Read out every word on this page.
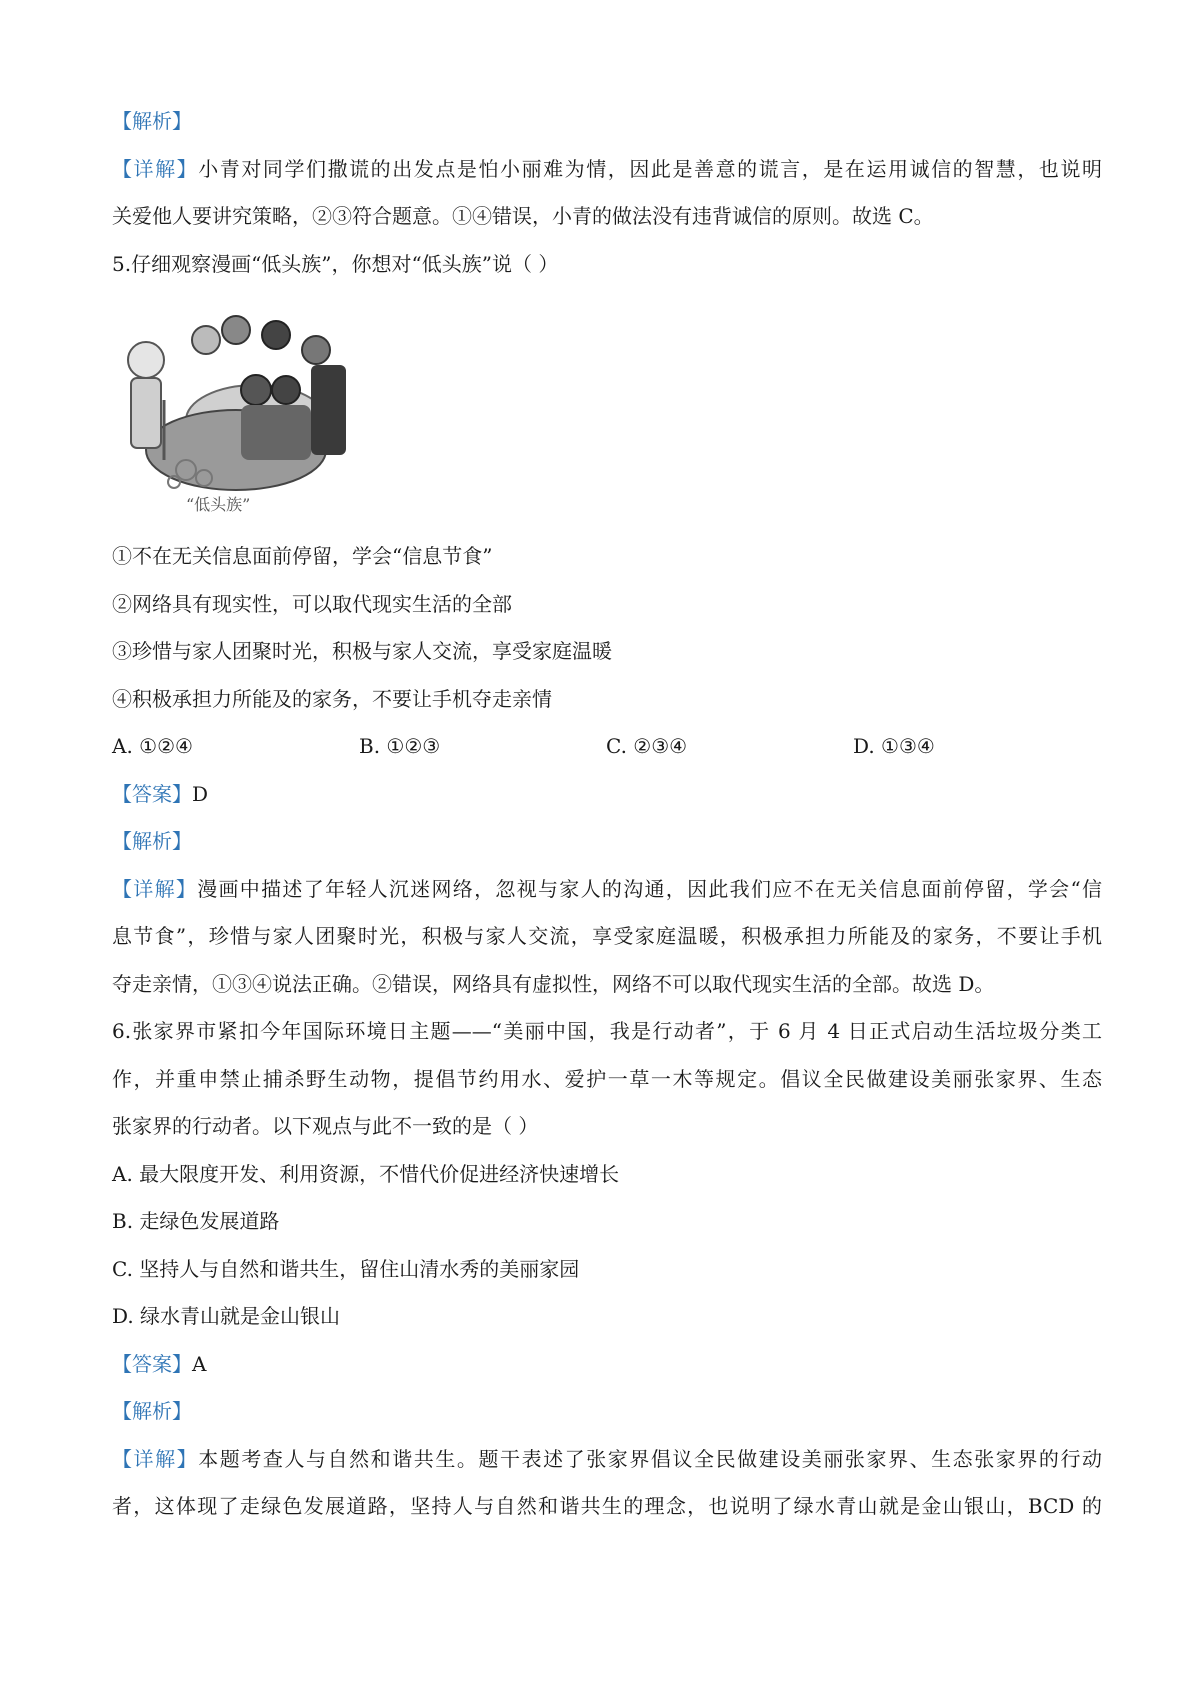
【解析】
【详解】小青对同学们撒谎的出发点是怕小丽难为情，因此是善意的谎言，是在运用诚信的智慧，也说明
关爱他人要讲究策略，②③符合题意。①④错误，小青的做法没有违背诚信的原则。故选 C。
5.仔细观察漫画“低头族”，你想对“低头族”说（ ）
“低头族”
①不在无关信息面前停留，学会“信息节食”
②网络具有现实性，可以取代现实生活的全部
③珍惜与家人团聚时光，积极与家人交流，享受家庭温暖
④积极承担力所能及的家务，不要让手机夺走亲情
A. ①②④	B. ①②③	C. ②③④	D. ①③④
【答案】D
【解析】
【详解】漫画中描述了年轻人沉迷网络，忽视与家人的沟通，因此我们应不在无关信息面前停留，学会“信
息节食”，珍惜与家人团聚时光，积极与家人交流，享受家庭温暖，积极承担力所能及的家务，不要让手机
夺走亲情，①③④说法正确。②错误，网络具有虚拟性，网络不可以取代现实生活的全部。故选 D。
6.张家界市紧扣今年国际环境日主题——“美丽中国，我是行动者”，于 6 月 4 日正式启动生活垃圾分类工
作，并重申禁止捕杀野生动物，提倡节约用水、爱护一草一木等规定。倡议全民做建设美丽张家界、生态
张家界的行动者。以下观点与此不一致的是（ ）
A. 最大限度开发、利用资源，不惜代价促进经济快速增长
B. 走绿色发展道路
C. 坚持人与自然和谐共生，留住山清水秀的美丽家园
D. 绿水青山就是金山银山
【答案】A
【解析】
【详解】本题考查人与自然和谐共生。题干表述了张家界倡议全民做建设美丽张家界、生态张家界的行动
者，这体现了走绿色发展道路，坚持人与自然和谐共生的理念，也说明了绿水青山就是金山银山，BCD 的
